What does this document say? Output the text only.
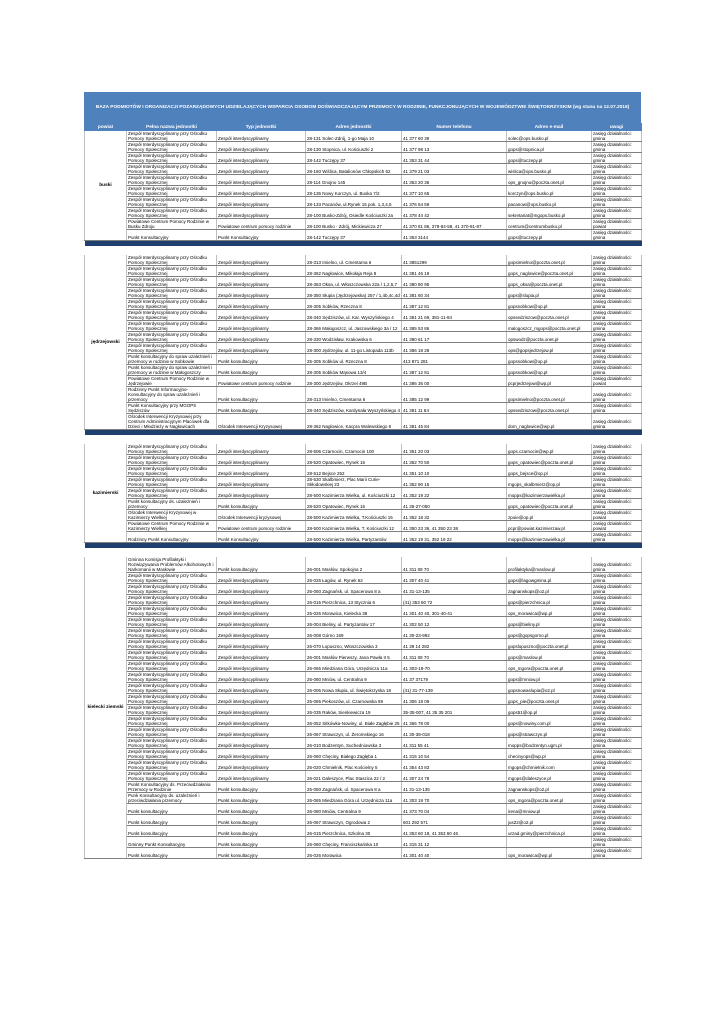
BAZA PODMIOTÓW I ORGANIZACJI POZARZĄDOWYCH UDZIELAJĄCYCH WSPARCIA OSOBOM DOŚWIADCZAJĄCYM PRZEMOCY W RODZINIE, FUNKCJONUJĄCYCH W WOJEWÓDZTWIE ŚWIĘTOKRZYSKIM (wg stanu na 12.07.2016)
powiat	Pełna nazwa jednostki	Typ jednostki	Adres jednostki	Numer telefonu	Adres e-mail	uwagi
buski	Zespół Interdyscyplinarny przy Ośrodku Pomocy Społecznej	Zespół interdyscyplinarny	28-131 Solec-Zdrój, 1-go Maja 10	41 377 60 39	solec@ops.busko.pl	zasięg działalności: gmina
	Zespół Interdyscyplinarny przy Ośrodku Pomocy Społecznej	Zespół interdyscyplinarny	28-130 Stopnica, ul. Kościuszki 2	41 377 98 13	gops@stopnica.pl	zasięg działalności: gmina
	Zespół Interdyscyplinarny przy Ośrodku Pomocy Społecznej	Zespół interdyscyplinarny	28-142 Tuczępy 37	41 353 31 44	gops@tuczepy.pl	zasięg działalności: gmina
	Zespół Interdyscyplinarny przy Ośrodku Pomocy Społecznej	Zespół interdyscyplinarny	28-160 Wiślica, Batalionów Chłopskich 62	41 379 21 03	wislica@ops.busko.pl	zasięg działalności: gmina
	Zespół Interdyscyplinarny przy Ośrodku Pomocy Społecznej	Zespół interdyscyplinarny	28-114 Gnojno 145	41 353 20 36	ops_gnojno@poczta.onet.pl	zasięg działalności: gmina
	Zespół Interdyscyplinarny przy Ośrodku Pomocy Społecznej	Zespół interdyscyplinarny	28-136 Nowy Korczyn, ul. Buska 7/2	41 377 10 65	korczyn@ops.busko.pl	zasięg działalności: gmina
	Zespół Interdyscyplinarny przy Ośrodku Pomocy Społecznej	Zespół interdyscyplinarny	28-133 Pacanów, ul.Rynek 15 pok. 1,3,4,5	41 376 54 59	pacanow@ops.busko.pl	zasięg działalności: gmina
	Zespół Interdyscyplinarny przy Ośrodku Pomocy Społecznej	Zespół interdyscyplinarny	28-100 Busko-Zdrój, Osiedle Kościuszki 2a	41 378 44 42	sekretariat@mgops.busko.pl	zasięg działalności: gmina
	Powiatowe Centrum Pomocy Rodzinie w Busku Zdroju	Powiatowe centrum pomocy rodzinie	28-100 Busko - Zdrój, Mickiewicza 27	41 370 81 86, 378-84-58, 41 370-81-87	centrum@centrumbusko.pl	zasięg działalności: powiat
	Punkt Konsultacyjny	Punkt Konsultacyjny	28-142 Tuczępy 37	41 353 3144	gops@tuczepy.pl	zasięg działalności: gmina

jędrzejowski	Zespół Interdyscyplinarny przy Ośrodku Pomocy Społecznej	Zespół interdyscyplinarny	28-313 Imielno, ul. Cmentarna 6	41 3851299	gopsimielno@poczta.onet.pl	zasięg działalności: gmina
	Zespół Interdyscyplinarny przy Ośrodku Pomocy Społecznej	Zespół interdyscyplinarny	28-362 Nagłowice, Mikołaja Reja 9	41 381 46 19	gops_naglowice@poczta.onet.pl	zasięg działalności: gmina
	Zespół Interdyscyplinarny przy Ośrodku Pomocy Społecznej	Zespół interdyscyplinarny	28-363 Oksa, ul. Włoszczowska 22a / 1,2,5,7	41 380 80 95	gops_oksa@poczta.onet.pl	zasięg działalności: gmina
	Zespół Interdyscyplinarny przy Ośrodku Pomocy Społecznej	Zespół interdyscyplinarny	28-350 Słupia (Jędrzejowska) 257 / 1,4b,4c,4d	41 381 60 34	gops@slupia.pl	zasięg działalności: gmina
	Zespół Interdyscyplinarny przy Ośrodku Pomocy Społecznej	Zespół interdyscyplinarny	28-305 Sobków, Rzeczna 8	41 387 12 81	gopssobkow@op.pl	zasięg działalności: gmina
	Zespół Interdyscyplinarny przy Ośrodku Pomocy Społecznej	Zespół interdyscyplinarny	28-340 Sędziszów, ul. Kar. Wyszyńskiego 4	41 381 21 69, 381-11-84	opssedziszow@poczta.onet.pl	zasięg działalności: gmina
	Zespół Interdyscyplinarny przy Ośrodku Pomocy Społecznej	Zespół interdyscyplinarny	28-366 Małogoszcz, ul. Jaszowskiego 3a / 12	41 385 53 86	malogoszcz_mgops@poczta.onet.pl	zasięg działalności: gmina
	Zespół Interdyscyplinarny przy Ośrodku Pomocy Społecznej	Zespół interdyscyplinarny	28-330 Wodzisław, Krakowska 6	41 380 61 17	opswodz@poczta.onet.pl	zasięg działalności: gmina
	Zespół Interdyscyplinarny przy Ośrodku Pomocy Społecznej	Zespół interdyscyplinarny	28-300 Jędrzejów, ul. 11-go Listopada 113b	41 386 18 28	ops@gopsjedrzejow.pl	zasięg działalności: gmina
	Punkt konsultacyjny do spraw uzależnień i przemocy w rodzinie w Sobkowie	Punkt konsultacyjny	25-305 Sobków ul. Rzeczna 8	413 871 281	gopssobkow@op.pl	zasięg działalności: gmina
	Punkt konsultacyjny do spraw uzależnień i przemocy w rodzinie w Małogoszczy	Punkt konsultacyjny	28-305 Sobków Mąsowa 13/4	41 387 12 81	gopssobkow@op.pl	zasięg działalności: gmina
	Powiatowe Centrum Pomocy Rodzinie w Jędrzejowie	Powiatowe centrum pomocy rodzinie	28-300 Jędrzejów, Okrzei 49B	41 386 36 00	pcprjedrzejow@wp.pl	zasięg działalności: powiat
	Rodzinny Punkt Informacyjno-Konsultacyjny do spraw uzależnień i przemocy	Punkt konsultacyjny	28-313 Imielno, Cmentarna 6	41 385 12 99	gopsimielno@poczta.onet.pl	zasięg działalności: gmina
	Punkt Konsultacyjny przy MGOPS Sędziszów	Punkt konsultacyjny	28-340 Sędziszów, Kardynała Wyszyńskiego 4	41 381 11 84	opssedziszow@poczta.onet.pl	zasięg działalności: gmina
	Ośrodek Interwencji Kryzysowej przy Centrum Administracyjnym Placówek dla Dzieci i Młodzieży w Nagłowicach	Ośrodek Interwencji Kryzysowej	28-362 Nagłowice, Kacpra Walewskiego 6	41 381 45 84	dom_naglowice@wp.pl	zasięg działalności: gmina

kazimierski	Zespół Interdyscyplinarny przy Ośrodku Pomocy Społecznej	Zespół interdyscyplinarny	28-506 Czarnocin, Czarnocin 100	41 351 20 03	gops.czarnocin@wp.pl	zasięg działalności: gmina
	Zespół Interdyscyplinarny przy Ośrodku Pomocy Społecznej	Zespół interdyscyplinarny	28-520 Opatowiec, Rynek 16	41 352 70 50	gops_opatowiec@poczta.onet.pl	zasięg działalności: gmina
	Zespół Interdyscyplinarny przy Ośrodku Pomocy Społecznej	Zespół interdyscyplinarny	28-512 Bejsce 252	41 351 10 10	gops_bejsce@op.pl	zasięg działalności: gmina
	Zespół Interdyscyplinarny przy Ośrodku Pomocy Społecznej	Zespół interdyscyplinarny	28-530 Skalbmierz, Plac Marii Curie-Skłodowskiej 23	41 352 90 15	mgops_skalbmierz@op.pl	zasięg działalności: gmina
	Zespół Interdyscyplinarny przy Ośrodku Pomocy Społecznej	Zespół interdyscyplinarny	28-500 Kazimierza Wielka, ul. Kościuszki 12	41 352 19 22	mopps@kazimierzawielka.pl	zasięg działalności: gmina
	Punkt konsultacyjny ds. uzależnień i przemocy	Punkt konsultacyjny	28-520 Opatowiec, Rynek 16	41 35-27-050	gops_opatowiec@poczta.onet.pl	zasięg działalności: gmina
	Ośrodek Interwencji Kryzysowej w Kazimierzy Wielkiej	Ośrodek Interwencji kryzysowej	28-500 Kazimierza Wielka, T.Kościuszki 15	41 352 18 32	zpoie@op.pl	zasięg działalności: powiat
	Powiatowe Centrum Pomocy Rodzinie w Kazimierzy Wielkiej	Powiatowe centrum pomocy rodzinie	28-500 Kazimierza Wielka, T. Kościuszki 12	41 350 23 36, 41 350 23 38	pcpr@powiat.kazimierzaw.pl	zasięg działalności: powiat
	Rodzinny Punkt Konsultacyjny	Punkt Konsultacyjny	28-500 Kazimierza Wielka, Partyzantów	41 352 19 31, 352 19 22	mopps@kazimierzawielka.pl	zasięg działalności: gmina

kielecki ziemski	Gminna Komisja Profilaktyki i Rozwiązywania Problemów Alkoholowych i Narkomanii w Masłowie	Punkt konsultacyjny	26-001 Masłów, Spokojna 2	41 311 08 70	profilaktyka@maslow.pl	zasięg działalności: gmina
	Zespół Interdyscyplinarny przy Ośrodku Pomocy Społecznej	Zespół interdyscyplinarny	26-025 Łagów, ul. Rynek 62	41 307 40 41	gops@lagowgmina.pl	zasięg działalności: gmina
	Zespół Interdyscyplinarny przy Ośrodku Pomocy Społecznej	Zespół interdyscyplinarny	26-050 Zagnańsk, ul. Spacerowa 8 a	41 31-13-135	zagnanskops@o2.pl	zasięg działalności: gmina
	Zespół Interdyscyplinarny przy Ośrodku Pomocy Społecznej	Zespół interdyscyplinarny	26-015 Pierzchnica, 13 Stycznia 6	(41) 353 60 72	gops@pierzchnica.pl	zasięg działalności: gmina
	Zespół Interdyscyplinarny przy Ośrodku Pomocy Społecznej	Zespół interdyscyplinarny	26-026 Morawica, Kielecka 38	41 301 40 40, 301-40-41	ops_morawica@wp.pl	zasięg działalności: gmina
	Zespół Interdyscyplinarny przy Ośrodku Pomocy Społecznej	Zespół interdyscyplinarny	26-004 Bieliny, ul. Partyzantów 17	41 302 50 12	gops@bieliny.pl	zasięg działalności: gmina
	Zespół Interdyscyplinarny przy Ośrodku Pomocy Społecznej	Zespół interdyscyplinarny	26-008 Górno 169	41 30-23-992	gops@gopsgorno.pl	zasięg działalności: gmina
	Zespół Interdyscyplinarny przy Ośrodku Pomocy Społecznej	Zespół interdyscyplinarny	26-070 Łopuszno, Włoszczowska 3	41 39 14 282	gopslopuszno@poczta.onet.pl	zasięg działalności: gmina
	Zespół Interdyscyplinarny przy Ośrodku Pomocy Społecznej	Zespół interdyscyplinarny	26-001 Masłów Pierwszy, Jana Pawła II 5	41 311 08 70	gops@maslow.pl	zasięg działalności: gmina
	Zespół Interdyscyplinarny przy Ośrodku Pomocy Społecznej	Zespół interdyscyplinarny	26-065 Miedziana Góra, Urzędnicza 11a	41 303-19-70	ops_mgora@poczta.onet.pl	zasięg działalności: gmina
	Zespół Interdyscyplinarny przy Ośrodku Pomocy Społecznej	Zespół interdyscyplinarny	26-080 Mniów, ul. Centralna 9	41 37 37179	gops@mniow.pl	zasięg działalności: gmina
	Zespół Interdyscyplinarny przy Ośrodku Pomocy Społecznej	Zespół interdyscyplinarny	26-006 Nowa Słupia, ul. Świętokrzyska 18	(41) 31-77-139	gopsnowaslupia@o2.pl	zasięg działalności: gmina
	Zespół Interdyscyplinarny przy Ośrodku Pomocy Społecznej	Zespół interdyscyplinarny	26-065 Piekoszów, ul. Czarnowska 59	41 306 18 09	gops_pie@poczta.onet.pl	zasięg działalności: gmina
	Zespół Interdyscyplinarny przy Ośrodku Pomocy Społecznej	Zespół interdyscyplinarny	26-035 Raków, Sienkiewicza 19	35-35-007, 41 35 35 201	gops51@op.pl	zasięg działalności: gmina
	Zespół Interdyscyplinarny przy Ośrodku Pomocy Społecznej	Zespół interdyscyplinarny	26-052 Sitkówka-Nowiny, ul. Białe Zagłębie 25	41 366 78 00	gops@nowiny.com.pl	zasięg działalności: gmina
	Zespół Interdyscyplinarny przy Ośrodku Pomocy Społecznej	Zespół interdyscyplinarny	26-067 Strawczyn, ul. Żeromskiego 16	41 30-38-018	gops@strawczyn.pl	zasięg działalności: gmina
	Zespół Interdyscyplinarny przy Ośrodku Pomocy Społecznej	Zespół interdyscyplinarny	26-010 Bodzentyn, Suchedniowska 3	41 311 55 41	mopps@bodzentyn.ugm.pl	zasięg działalności: gmina
	Zespół Interdyscyplinarny przy Ośrodku Pomocy Społecznej	Zespół interdyscyplinarny	26-060 Chęciny, Białego Zagłęba 1	41 315 10 54	checinyops@wp.pl	zasięg działalności: gmina
	Zespół Interdyscyplinarny przy Ośrodku Pomocy Społecznej	Zespół interdyscyplinarny	26-020 Chmielnik, Plac Kościelny 5	41 354 43 83	mgops@chmielnik.com	zasięg działalności: gmina
	Zespół Interdyscyplinarny przy Ośrodku Pomocy Społecznej	Zespół interdyscyplinarny	26-021 Daleszyce, Plac Staszica 22 / 2	41 307 24 78	mgops@daleszyce.pl	zasięg działalności: gmina
	Punkt Konsultacyjny ds. Przeciwdziałania Przemocy w Rodzinie	Punkt konsultacyjny	26-050 Zagnańsk, ul. Spacerowa 8 a	41 31-13-135	zagnanskops@o2.pl	zasięg działalności: gmina
	Punk Konsultacyjny ds. uzależnień i przeciwdziałania przemocy	Punkt konsultacyjny	26-065 Miedziana Góra ul. Urzędnicza 11a	41 303 19 70	ops_mgora@poczta.onet.pl	zasięg działalności: gmina
	Punkt konsultacyjny	Punkt konsultacyjny	26-080 Mniów, Centralna 9	41 373 70 04	irena@mniow.pl	zasięg działalności: gmina
	Punkt konsultacyjny	Punkt konsultacyjny	26-067 Strawczyn, Ogrodowa 2	601 292 571	jus22@o2.pl	zasięg działalności: gmina
	Punkt konsultacyjny	Punkt konsultacyjny	26-015 Pierzchnica, Szkolna 30	41 353 60 18, 41 353 60 46	urzad.gminy@pierzchnica.pl	zasięg działalności: gmina
	Gminny Punkt Konsultacyjny	Punkt konsultacyjny	26-060 Chęciny, Franciszkańska 10	41 315 31 12		zasięg działalności: gmina
	Punkt konsultacyjny	Punkt konsultacyjny	26-026 Morawica	41 301 40 40	ops_morawica@wp.pl	zasięg działalności: gmina
